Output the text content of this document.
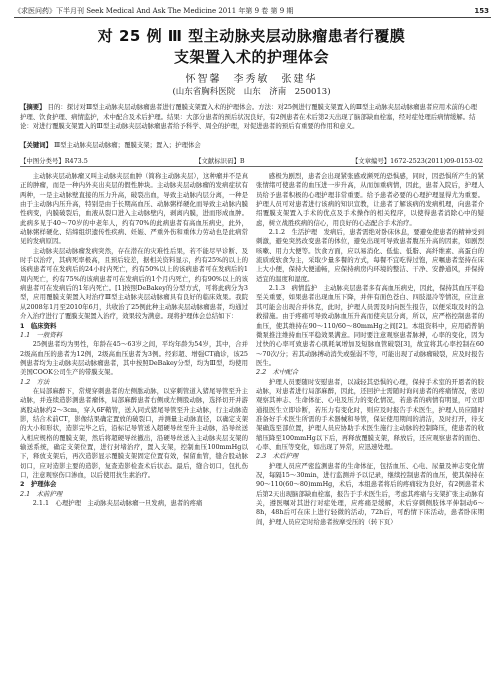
《求医问药》下半月刊 Seek Medical And Ask The Medicine 2011 年第 9 卷 第 9 期	153
对 25 例 Ⅲ 型主动脉夹层动脉瘤患者行覆膜
支架置入术的护理体会
怀智馨　李秀敏　张建华
(山东省胸科医院　山东　济南　250013)
【摘要】 目的：探讨对Ⅲ型主动脉夹层动脉瘤患者进行覆膜支架置入术的护理体会。方法：对25例进行覆膜支架置入的Ⅲ型主动脉夹层动脉瘤患者应用术前的心理护理、饮食护理、病情监护，术中配合及术后护理。结果：大部分患者的预后状况良好，有2例患者在术后第2天出现了脑部缺血栓塞，经对症处理后病情缓解。结论：对进行覆膜支架置入的Ⅲ型主动脉夹层动脉瘤患者给予科学、周全的护理，对促进患者的预后有重要的作用和意义。
【关键词】 Ⅲ型主动脉夹层动脉瘤；覆膜支架；置入；护理体会
【中图分类号】R473.5	【文献标识码】B	【文章编号】1672-2523(2011)09-0153-02

主动脉夹层动脉瘤又叫主动脉夹层血肿（简称主动脉夹层），这种瘤并不是真正的肿瘤，而是一种内外夹出夹层的假性肿块。主动脉夹层动脉瘤的发病症状有两种，一是主动脉壁直接的压力升高，破裂出血，导致主动脉内层分离，一种是由于主动脉内压升高，特别是由于长期高血压、动脉粥样硬化而导致主动脉内膜性病变，内膜破裂后，血液从裂口进入主动脉壁内，剥离内膜，进而形成血肿。此病多见于40～70岁的中老年人，约有70%的此病患者有高血压病史，此外，动脉粥样硬化、结缔组织遗传性疾病、妊娠、严重外伤和重体力劳动也是此病常见的发病原因。

主动脉夹层动脉瘤发病突然，存在潜在的灾难性后果，若不能尽早诊断、及时手以治疗，其病死率极高，且预后较差，据相关资料显示，约有25%的以上的该病患者可在发病后的24小时内死亡，约有50%以上的该病患者可在发病后的1周内死亡，约有75%的该病患者可在发病后的1个月内死亡，约有90%以上的该病患者可在发病后的1年内死亡。[1]按照DeBakey的分型方式，可将此病分为3型，应用覆膜支架置入对治疗Ⅲ型主动脉夹层动脉瘤具有良好的临床效果。我院从2008年1月至2010年6月，共收治了25例此种主动脉夹层动脉瘤患者，均通过介入治疗进行了覆膜支架置入治疗，效果较为满意。现将护理体会总结如下：

1　临床资料

1.1　一般资料

25例患者均为男性，年龄在45～63岁之间，平均年龄为54岁，其中，合并2级高血压的患者为12例，2级高血压患者为3例。经彩超、增强CT确诊，该25例患者均为主动脉夹层动脉瘤患者，其中按照DeBakey分型，均为Ⅲ型，均使用美国COOK公司生产的带膜支架。

1.2　方法

在局部麻醉下，常规穿刺患者的左侧肱动脉，以穿刺管道入猪尾导管至升主动脉，并连续造影测患者瘤体，局部麻醉患者右侧或左侧股动脉，选择切开并游离股动脉约2～3cm，穿入6F鞘管，送入同式猪尾导管至升主动脉，行主动脉造影，结合术前CT，影像结果确定置放的破裂口，并测量主动脉直径，以确定支架的大小和形状，造影完毕之后，沿标记导管送入超硬导丝至升主动脉，沿导丝送入相应规格的覆膜支架，然后将超硬导丝撤出，沿硬导丝送入主动脉夹层支架的输送系统，确定支架位置，进行封堵治疗，置入支架，控制血压100mmHg以下，释放支架后，再次造影显示覆膜支架固定位置有效，保留血管，缝合股动脉切口，应对造影主要的造影，复查造影检查术后状态。最后，缝合切口，包扎伤口，注意观察伤口渗血，以后使用抗生素治疗。

2　护理体会

2.1　术前护理

2.1.1　心理护理　主动脉夹层动脉瘤一旦发病，患者的疼痛

感极为剧烈，患者会出现紧张感或濒死的恐惧感，同时，因恐惧所产生的紧张情绪可使患者的血压进一步升高，从而加重病情，因此，患者入院后，护理人员给予患者积极的心理护理非常重要。给予患者必要的心理护理显得尤为重要。护理人员可对患者进行该病的知识宣教，让患者了解该病的发病机理，向患者介绍覆膜支架置入手术的优点及手术操作的相关程序，以使得患者消除心中的疑虑，树立战胜疾病的信心，用良好的心态配合手术治疗。

2.1.2　生活护理　发病后，患者需绝对卧床休息，要避免使患者的精神受到刺激，避免突然改变患者的体位，避免出现可导致患者腹压升高的因素，如剧烈咳嗽、用力大便等。饮食方面，应以易消化、低盐、低脂、高纤维素、高蛋白的流质或软食为主，采取少量多餐的方式，每餐不宜吃得过饱，应嘱患者坚持在床上大小便，保持大便通畅，应保持病房内环境的整洁、干净、安静通风，并保持适宜的温度和湿度。

2.1.3　病情监护　主动脉夹层患者多有高血压病史，因此，保持其血压平稳至关重要，如果患者出现血压下降，并伴有面色苍白、四肢湿冷等情况，应注意其可能会出现合并休克，此时，护理人员需及时向医生报告，以便采取及时的急救措施。由于疼痛可导致动脉血压升高而使夹层分离，所以，应严格控制患者的血压，使其维持在90～110/60～80mmHg之间[2]。本组资料中，应用硝普钠微泵推注维持血压平稳效果满意。同时要注意观察患者脉搏，心率的变化，因为过快的心率可致患者心肌耗氧增加及短脉血管破裂[3]，故宜将其心率控制在60～70次/分；若其动脉搏动消失或强弱不等，可能出现了动脉瘤破裂，应及时报告医生。

2.2　术中配合

护理人员要随时安慰患者，以减轻其恐惧的心理，保持手术室的开恩者的胶动脉，对患者进行局部麻醉，因此，还回护士需随时询问患者的疼痛情况，密切观察其神志、生命体征、心电及压力的变化情况，若患者的病情有明显，可立即通报医生立即诊断，若压力有变化时，则应及时报告手术医生，护理人员应随时准备好手术医生所需的手术器械和导管，保证使用期间的清洁，及时打开，待支架确选至部位置，护理人员应协助手术医生施行主动脉的控制降压，使患者的收缩压降至100mmHg以下后，再释放覆膜支架，释放后，还应观察患者的面色、心率、血压等变化，如出现了异常，应迅速处理。

2.3　术后护理

护理人员应严密监测患者的生命体征，包括血压、心电、尿量及神志变化情况，每隔15～30min，进行监测并予以记录，继续控制患者的血压，使其保持在90～110(60～80)mmHg，术后，本组患者将后的疼痛较为良好，有2例患者术后第2天出现脑部缺血栓塞，报告于手术医生后，考虑其疼痛与支架扩张主动脉有关，遵医嘱对其进行对症处理，应疼痛是缓解，术后穿刺侧肢体平伸制动6～8h，48h后可在床上进行轻微的活动，72h后，可酌情下床活动，患者卧床期间，护理人员应定时给患者按摩受压的（转下页）
